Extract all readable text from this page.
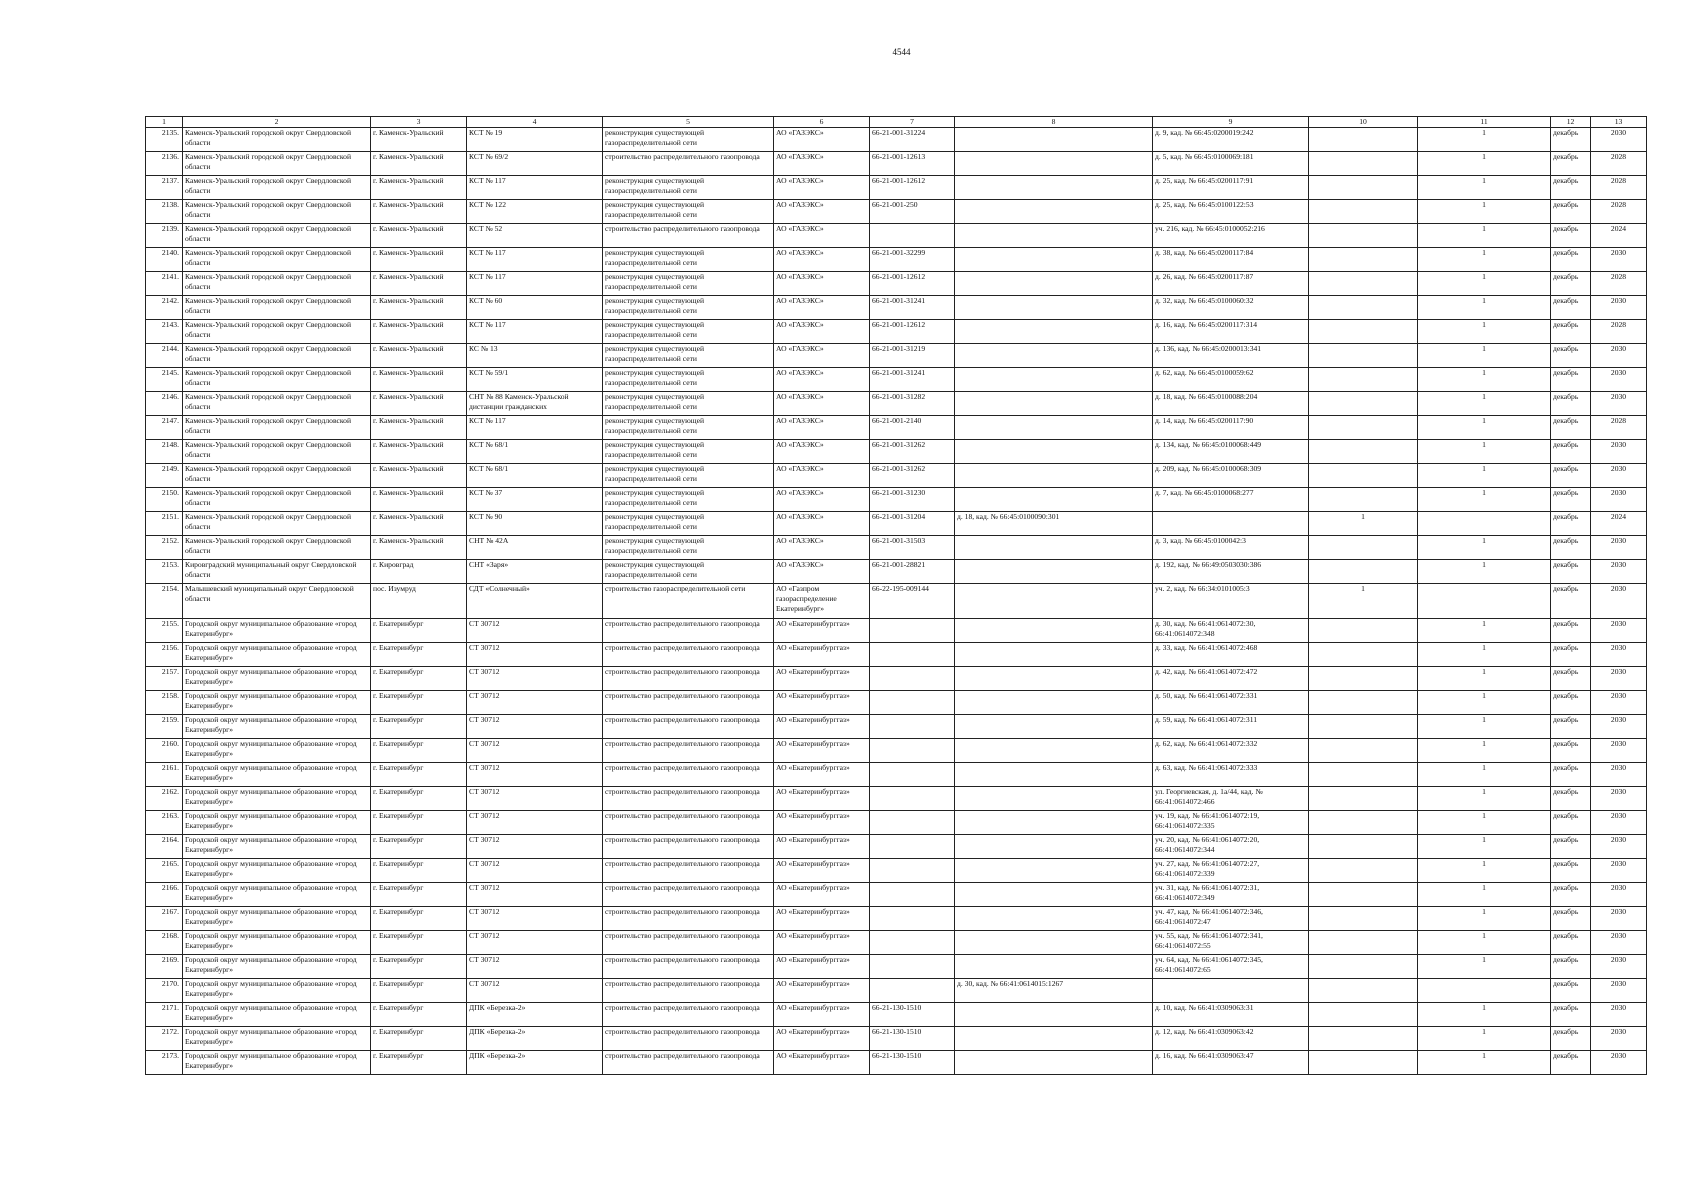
4544
1	2	3	4	5	6	7	8	9	10	11	12	13
2135.	Каменск-Уральский городской округ Свердловской области	г. Каменск-Уральский	КСТ № 19	реконструкция существующей газораспределительной сети	АО «ГАЗЭКС»	66-21-001-31224		д. 9, кад. № 66:45:0200019:242		1	декабрь	2030
2136.	Каменск-Уральский городской округ Свердловской области	г. Каменск-Уральский	КСТ № 69/2	строительство распределительного газопровода	АО «ГАЗЭКС»	66-21-001-12613		д. 5, кад. № 66:45:0100069:181		1	декабрь	2028
2137.	Каменск-Уральский городской округ Свердловской области	г. Каменск-Уральский	КСТ № 117	реконструкция существующей газораспределительной сети	АО «ГАЗЭКС»	66-21-001-12612		д. 25, кад. № 66:45:0200117:91		1	декабрь	2028
2138.	Каменск-Уральский городской округ Свердловской области	г. Каменск-Уральский	КСТ № 122	реконструкция существующей газораспределительной сети	АО «ГАЗЭКС»	66-21-001-250		д. 25, кад. № 66:45:0100122:53		1	декабрь	2028
2139.	Каменск-Уральский городской округ Свердловской области	г. Каменск-Уральский	КСТ № 52	строительство распределительного газопровода	АО «ГАЗЭКС»			уч. 216, кад. № 66:45:0100052:216		1	декабрь	2024
2140.	Каменск-Уральский городской округ Свердловской области	г. Каменск-Уральский	КСТ № 117	реконструкция существующей газораспределительной сети	АО «ГАЗЭКС»	66-21-001-32299		д. 38, кад. № 66:45:0200117:84		1	декабрь	2030
2141.	Каменск-Уральский городской округ Свердловской области	г. Каменск-Уральский	КСТ № 117	реконструкция существующей газораспределительной сети	АО «ГАЗЭКС»	66-21-001-12612		д. 26, кад. № 66:45:0200117:87		1	декабрь	2028
2142.	Каменск-Уральский городской округ Свердловской области	г. Каменск-Уральский	КСТ № 60	реконструкция существующей газораспределительной сети	АО «ГАЗЭКС»	66-21-001-31241		д. 32, кад. № 66:45:0100060:32		1	декабрь	2030
2143.	Каменск-Уральский городской округ Свердловской области	г. Каменск-Уральский	КСТ № 117	реконструкция существующей газораспределительной сети	АО «ГАЗЭКС»	66-21-001-12612		д. 16, кад. № 66:45:0200117:314		1	декабрь	2028
2144.	Каменск-Уральский городской округ Свердловской области	г. Каменск-Уральский	КС № 13	реконструкция существующей газораспределительной сети	АО «ГАЗЭКС»	66-21-001-31219		д. 136, кад. № 66:45:0200013:341		1	декабрь	2030
2145.	Каменск-Уральский городской округ Свердловской области	г. Каменск-Уральский	КСТ № 59/1	реконструкция существующей газораспределительной сети	АО «ГАЗЭКС»	66-21-001-31241		д. 62, кад. № 66:45:0100059:62		1	декабрь	2030
2146.	Каменск-Уральский городской округ Свердловской области	г. Каменск-Уральский	СНТ № 88 Каменск-Уральской дистанции гражданских	реконструкция существующей газораспределительной сети	АО «ГАЗЭКС»	66-21-001-31282		д. 18, кад. № 66:45:0100088:204		1	декабрь	2030
2147.	Каменск-Уральский городской округ Свердловской области	г. Каменск-Уральский	КСТ № 117	реконструкция существующей газораспределительной сети	АО «ГАЗЭКС»	66-21-001-2140		д. 14, кад. № 66:45:0200117:90		1	декабрь	2028
2148.	Каменск-Уральский городской округ Свердловской области	г. Каменск-Уральский	КСТ № 68/1	реконструкция существующей газораспределительной сети	АО «ГАЗЭКС»	66-21-001-31262		д. 134, кад. № 66:45:0100068:449		1	декабрь	2030
2149.	Каменск-Уральский городской округ Свердловской области	г. Каменск-Уральский	КСТ № 68/1	реконструкция существующей газораспределительной сети	АО «ГАЗЭКС»	66-21-001-31262		д. 209, кад. № 66:45:0100068:309		1	декабрь	2030
2150.	Каменск-Уральский городской округ Свердловской области	г. Каменск-Уральский	КСТ № 37	реконструкция существующей газораспределительной сети	АО «ГАЗЭКС»	66-21-001-31230		д. 7, кад. № 66:45:0100068:277		1	декабрь	2030
2151.	Каменск-Уральский городской округ Свердловской области	г. Каменск-Уральский	КСТ № 90	реконструкция существующей газораспределительной сети	АО «ГАЗЭКС»	66-21-001-31204	д. 18, кад. № 66:45:0100090:301		1		декабрь	2024
2152.	Каменск-Уральский городской округ Свердловской области	г. Каменск-Уральский	СНТ № 42А	реконструкция существующей газораспределительной сети	АО «ГАЗЭКС»	66-21-001-31503		д. 3, кад. № 66:45:0100042:3		1	декабрь	2030
2153.	Кировградский муниципальный округ Свердловской области	г. Кировград	СНТ «Заря»	реконструкция существующей газораспределительной сети	АО «ГАЗЭКС»	66-21-001-28821		д. 192, кад. № 66:49:0503030:386		1	декабрь	2030
2154.	Малышевский муниципальный округ Свердловской области	пос. Изумруд	СДТ «Солнечный»	строительство газораспределительной сети	АО «Газпром газораспределение Екатеринбург»	66-22-195-009144		уч. 2, кад. № 66:34:0101005:3	1		декабрь	2030
2155.	Городской округ муниципальное образование «город Екатеринбург»	г. Екатеринбург	СТ 30712	строительство распределительного газопровода	АО «Екатеринбурггаз»			д. 30, кад. № 66:41:0614072:30, 66:41:0614072:348		1	декабрь	2030
2156.	Городской округ муниципальное образование «город Екатеринбург»	г. Екатеринбург	СТ 30712	строительство распределительного газопровода	АО «Екатеринбурггаз»			д. 33, кад. № 66:41:0614072:468		1	декабрь	2030
2157.	Городской округ муниципальное образование «город Екатеринбург»	г. Екатеринбург	СТ 30712	строительство распределительного газопровода	АО «Екатеринбурггаз»			д. 42, кад. № 66:41:0614072:472		1	декабрь	2030
2158.	Городской округ муниципальное образование «город Екатеринбург»	г. Екатеринбург	СТ 30712	строительство распределительного газопровода	АО «Екатеринбурггаз»			д. 50, кад. № 66:41:0614072:331		1	декабрь	2030
2159.	Городской округ муниципальное образование «город Екатеринбург»	г. Екатеринбург	СТ 30712	строительство распределительного газопровода	АО «Екатеринбурггаз»			д. 59, кад. № 66:41:0614072:311		1	декабрь	2030
2160.	Городской округ муниципальное образование «город Екатеринбург»	г. Екатеринбург	СТ 30712	строительство распределительного газопровода	АО «Екатеринбурггаз»			д. 62, кад. № 66:41:0614072:332		1	декабрь	2030
2161.	Городской округ муниципальное образование «город Екатеринбург»	г. Екатеринбург	СТ 30712	строительство распределительного газопровода	АО «Екатеринбурггаз»			д. 63, кад. № 66:41:0614072:333		1	декабрь	2030
2162.	Городской округ муниципальное образование «город Екатеринбург»	г. Екатеринбург	СТ 30712	строительство распределительного газопровода	АО «Екатеринбурггаз»			ул. Георгиевская, д. 1а/44, кад. № 66:41:0614072:466		1	декабрь	2030
2163.	Городской округ муниципальное образование «город Екатеринбург»	г. Екатеринбург	СТ 30712	строительство распределительного газопровода	АО «Екатеринбурггаз»			уч. 19, кад. № 66:41:0614072:19, 66:41:0614072:335		1	декабрь	2030
2164.	Городской округ муниципальное образование «город Екатеринбург»	г. Екатеринбург	СТ 30712	строительство распределительного газопровода	АО «Екатеринбурггаз»			уч. 20, кад. № 66:41:0614072:20, 66:41:0614072:344		1	декабрь	2030
2165.	Городской округ муниципальное образование «город Екатеринбург»	г. Екатеринбург	СТ 30712	строительство распределительного газопровода	АО «Екатеринбурггаз»			уч. 27, кад. № 66:41:0614072:27, 66:41:0614072:339		1	декабрь	2030
2166.	Городской округ муниципальное образование «город Екатеринбург»	г. Екатеринбург	СТ 30712	строительство распределительного газопровода	АО «Екатеринбурггаз»			уч. 31, кад. № 66:41:0614072:31, 66:41:0614072:349		1	декабрь	2030
2167.	Городской округ муниципальное образование «город Екатеринбург»	г. Екатеринбург	СТ 30712	строительство распределительного газопровода	АО «Екатеринбурггаз»			уч. 47, кад. № 66:41:0614072:346, 66:41:0614072:47		1	декабрь	2030
2168.	Городской округ муниципальное образование «город Екатеринбург»	г. Екатеринбург	СТ 30712	строительство распределительного газопровода	АО «Екатеринбурггаз»			уч. 55, кад. № 66:41:0614072:341, 66:41:0614072:55		1	декабрь	2030
2169.	Городской округ муниципальное образование «город Екатеринбург»	г. Екатеринбург	СТ 30712	строительство распределительного газопровода	АО «Екатеринбурггаз»			уч. 64, кад. № 66:41:0614072:345, 66:41:0614072:65		1	декабрь	2030
2170.	Городской округ муниципальное образование «город Екатеринбург»	г. Екатеринбург	СТ 30712	строительство распределительного газопровода	АО «Екатеринбурггаз»		д. 30, кад. № 66:41:0614015:1267				декабрь	2030
2171.	Городской округ муниципальное образование «город Екатеринбург»	г. Екатеринбург	ДПК «Березка-2»	строительство распределительного газопровода	АО «Екатеринбурггаз»	66-21-130-1510		д. 10, кад. № 66:41:0309063:31		1	декабрь	2030
2172.	Городской округ муниципальное образование «город Екатеринбург»	г. Екатеринбург	ДПК «Березка-2»	строительство распределительного газопровода	АО «Екатеринбурггаз»	66-21-130-1510		д. 12, кад. № 66:41:0309063:42		1	декабрь	2030
2173.	Городской округ муниципальное образование «город Екатеринбург»	г. Екатеринбург	ДПК «Березка-2»	строительство распределительного газопровода	АО «Екатеринбурггаз»	66-21-130-1510		д. 16, кад. № 66:41:0309063:47		1	декабрь	2030
